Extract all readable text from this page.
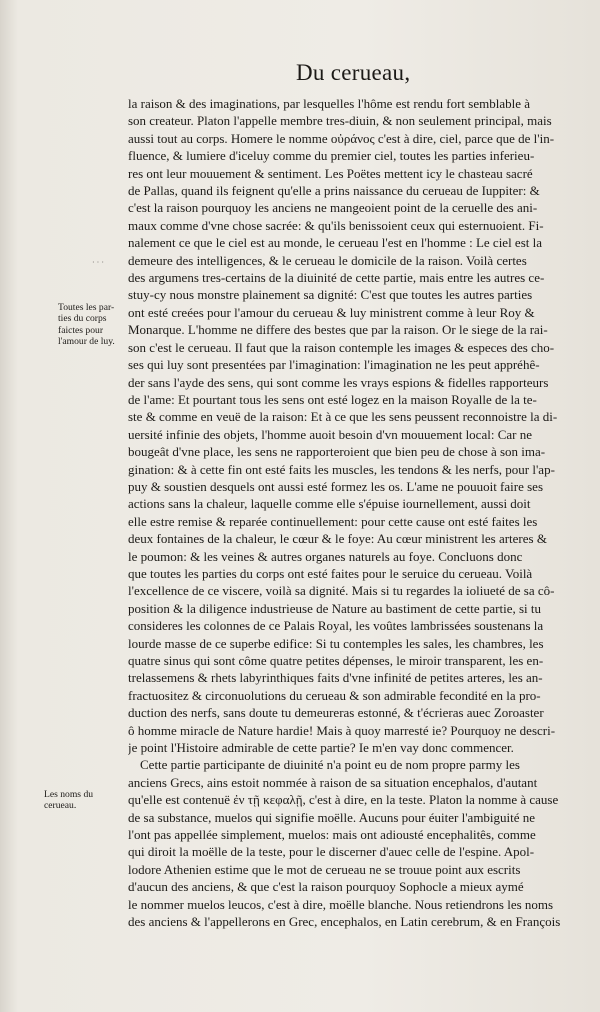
Du cerueau,
· · ·
Toutes les par-
ties du corps
faictes pour
l'amour de luy.
Les noms du
cerueau.
la raison & des imaginations, par lesquelles l'hôme est rendu fort semblable à
son createur. Platon l'appelle membre tres-diuin, & non seulement principal, mais
aussi tout au corps. Homere le nomme οὐράνος c'est à dire, ciel, parce que de l'in-
fluence, & lumiere d'iceluy comme du premier ciel, toutes les parties inferieu-
res ont leur mouuement & sentiment. Les Poëtes mettent icy le chasteau sacré
de Pallas, quand ils feignent qu'elle a prins naissance du cerueau de Iuppiter: &
c'est la raison pourquoy les anciens ne mangeoient point de la ceruelle des ani-
maux comme d'vne chose sacrée: & qu'ils benissoient ceux qui esternuoient. Fi-
nalement ce que le ciel est au monde, le cerueau l'est en l'homme : Le ciel est la
demeure des intelligences, & le cerueau le domicile de la raison. Voilà certes
des argumens tres-certains de la diuinité de cette partie, mais entre les autres ce-
stuy-cy nous monstre plainement sa dignité: C'est que toutes les autres parties
ont esté creées pour l'amour du cerueau & luy ministrent comme à leur Roy &
Monarque. L'homme ne differe des bestes que par la raison. Or le siege de la rai-
son c'est le cerueau. Il faut que la raison contemple les images & especes des cho-
ses qui luy sont presentées par l'imagination: l'imagination ne les peut appréhê-
der sans l'ayde des sens, qui sont comme les vrays espions & fidelles rapporteurs
de l'ame: Et pourtant tous les sens ont esté logez en la maison Royalle de la te-
ste & comme en veuë de la raison: Et à ce que les sens peussent reconnoistre la di-
uersité infinie des objets, l'homme auoit besoin d'vn mouuement local: Car ne
bougeât d'vne place, les sens ne rapporteroient que bien peu de chose à son ima-
gination: & à cette fin ont esté faits les muscles, les tendons & les nerfs, pour l'ap-
puy & soustien desquels ont aussi esté formez les os. L'ame ne pouuoit faire ses
actions sans la chaleur, laquelle comme elle s'épuise iournellement, aussi doit
elle estre remise & reparée continuellement: pour cette cause ont esté faites les
deux fontaines de la chaleur, le cœur & le foye: Au cœur ministrent les arteres &
le poumon: & les veines & autres organes naturels au foye. Concluons donc
que toutes les parties du corps ont esté faites pour le seruice du cerueau. Voilà
l'excellence de ce viscere, voilà sa dignité. Mais si tu regardes la ioliueté de sa cô-
position & la diligence industrieuse de Nature au bastiment de cette partie, si tu
consideres les colonnes de ce Palais Royal, les voûtes lambrissées soustenans la
lourde masse de ce superbe edifice: Si tu contemples les sales, les chambres, les
quatre sinus qui sont côme quatre petites dépenses, le miroir transparent, les en-
trelassemens & rhets labyrinthiques faits d'vne infinité de petites arteres, les an-
fractuositez & circonuolutions du cerueau & son admirable fecondité en la pro-
duction des nerfs, sans doute tu demeureras estonné, & t'écrieras auec Zoroaster
ô homme miracle de Nature hardie! Mais à quoy marresté ie? Pourquoy ne descri-
je point l'Histoire admirable de cette partie? Ie m'en vay donc commencer.
Cette partie participante de diuinité n'a point eu de nom propre parmy les
anciens Grecs, ains estoit nommée à raison de sa situation encephalos, d'autant
qu'elle est contenuë ἐν τῇ κεφαλῇ, c'est à dire, en la teste. Platon la nomme à cause
de sa substance, muelos qui signifie moëlle. Aucuns pour éuiter l'ambiguité ne
l'ont pas appellée simplement, muelos: mais ont adiousté encephalitês, comme
qui diroit la moëlle de la teste, pour le discerner d'auec celle de l'espine. Apol-
lodore Athenien estime que le mot de cerueau ne se trouue point aux escrits
d'aucun des anciens, & que c'est la raison pourquoy Sophocle a mieux aymé
le nommer muelos leucos, c'est à dire, moëlle blanche. Nous retiendrons les noms
des anciens & l'appellerons en Grec, encephalos, en Latin cerebrum, & en François
